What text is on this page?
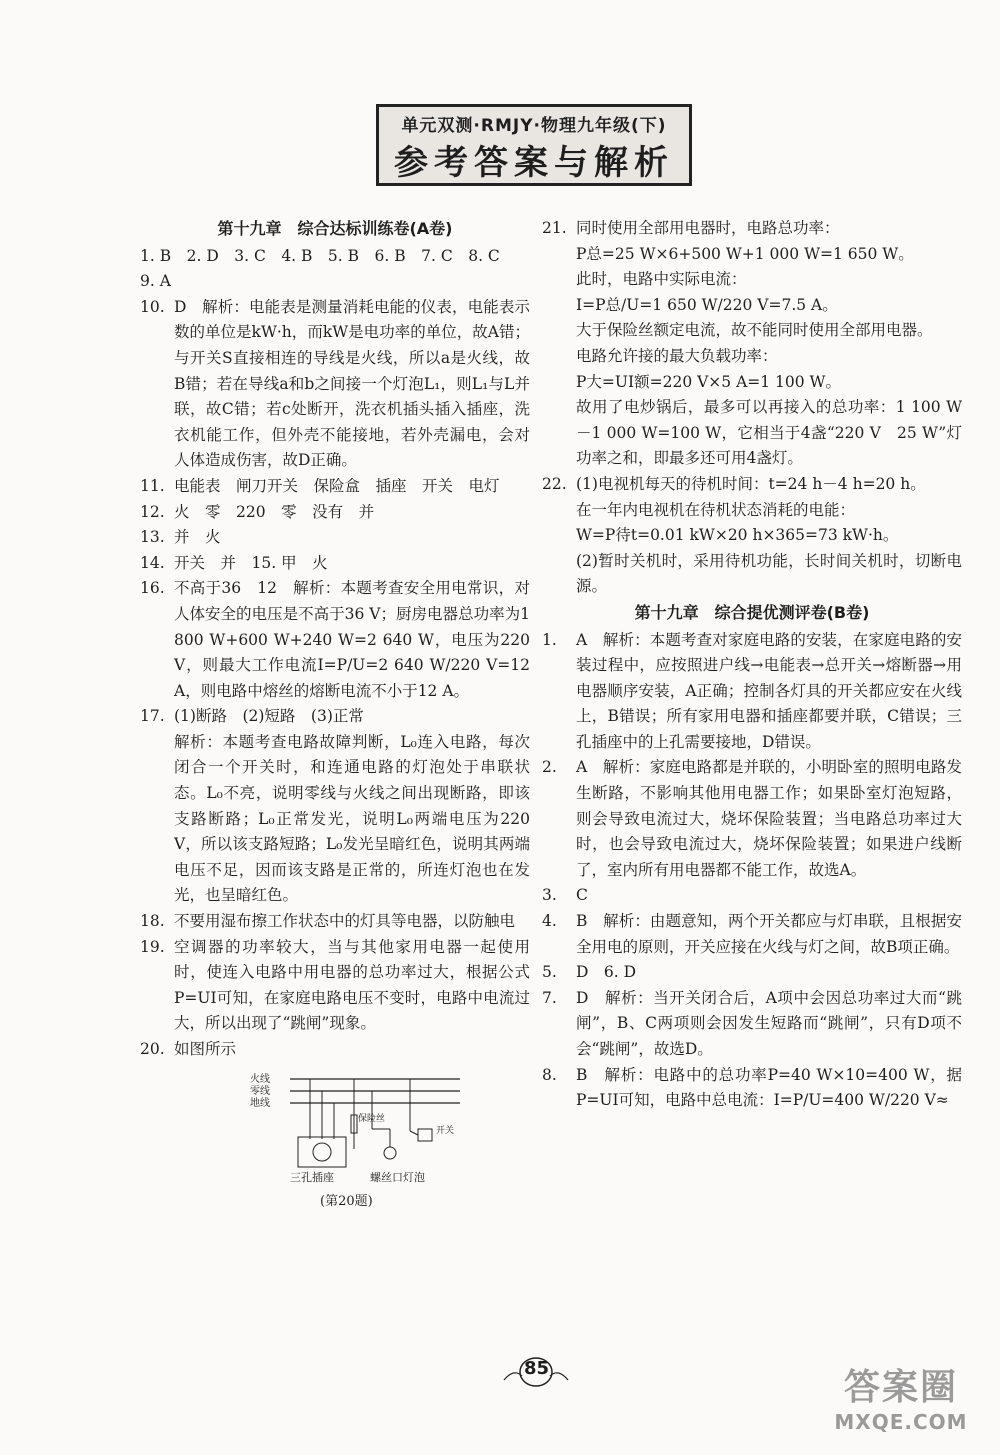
单元双测·RMJY·物理九年级(下)
参考答案与解析
第十九章　综合达标训练卷(A卷)
1. B　2. D　3. C　4. B　5. B　6. B　7. C　8. C
9. A
10. D　解析：电能表是测量消耗电能的仪表，电能表示数的单位是kW·h，而kW是电功率的单位，故A错；与开关S直接相连的导线是火线，所以a是火线，故B错；若在导线a和b之间接一个灯泡L₁，则L₁与L并联，故C错；若c处断开，洗衣机插头插入插座，洗衣机能工作，但外壳不能接地，若外壳漏电，会对人体造成伤害，故D正确。
11. 电能表　闸刀开关　保险盒　插座　开关　电灯
12. 火　零　220　零　没有　并
13. 并　火
14. 开关　并　15. 甲　火
16. 不高于36　12　解析：本题考查安全用电常识，对人体安全的电压是不高于36 V；厨房电器总功率为1 800 W+600 W+240 W=2 640 W，电压为220 V，则最大工作电流I=P/U=2 640 W/220 V=12 A，则电路中熔丝的熔断电流不小于12 A。
17. (1)断路　(2)短路　(3)正常
解析：本题考查电路故障判断，L₀连入电路，每次闭合一个开关时，和连通电路的灯泡处于串联状态。L₀不亮，说明零线与火线之间出现断路，即该支路断路；L₀正常发光，说明L₀两端电压为220 V，所以该支路短路；L₀发光呈暗红色，说明其两端电压不足，因而该支路是正常的，所连灯泡也在发光，也呈暗红色。
18. 不要用湿布擦工作状态中的灯具等电器，以防触电
19. 空调器的功率较大，当与其他家用电器一起使用时，使连入电路中用电器的总功率过大，根据公式P=UI可知，在家庭电路电压不变时，电路中电流过大，所以出现了“跳闸”现象。
20. 如图所示
三孔插座	螺丝口灯泡
火线
零线
地线
保险丝
开关
(第20题)
21. 同时使用全部用电器时，电路总功率：
P总=25 W×6+500 W+1 000 W=1 650 W。
此时，电路中实际电流：
I=P总/U=1 650 W/220 V=7.5 A。
大于保险丝额定电流，故不能同时使用全部用电器。
电路允许接的最大负载功率：
P大=UI额=220 V×5 A=1 100 W。
故用了电炒锅后，最多可以再接入的总功率：1 100 W－1 000 W=100 W，它相当于4盏“220 V　25 W”灯功率之和，即最多还可用4盏灯。
22. (1)电视机每天的待机时间：t=24 h－4 h=20 h。
在一年内电视机在待机状态消耗的电能：
W=P待t=0.01 kW×20 h×365=73 kW·h。
(2)暂时关机时，采用待机功能，长时间关机时，切断电源。
第十九章　综合提优测评卷(B卷)
1.	A　解析：本题考查对家庭电路的安装，在家庭电路的安装过程中，应按照进户线→电能表→总开关→熔断器→用电器顺序安装，A正确；控制各灯具的开关都应安在火线上，B错误；所有家用电器和插座都要并联，C错误；三孔插座中的上孔需要接地，D错误。
2.	A　解析：家庭电路都是并联的，小明卧室的照明电路发生断路，不影响其他用电器工作；如果卧室灯泡短路，则会导致电流过大，烧坏保险装置；当电路总功率过大时，也会导致电流过大，烧坏保险装置；如果进户线断了，室内所有用电器都不能工作，故选A。
3.	C
4.	B　解析：由题意知，两个开关都应与灯串联，且根据安全用电的原则，开关应接在火线与灯之间，故B项正确。
5.	D　6. D
7.	D　解析：当开关闭合后，A项中会因总功率过大而“跳闸”，B、C两项则会因发生短路而“跳闸”，只有D项不会“跳闸”，故选D。
8.	B　解析：电路中的总功率P=40 W×10=400 W，据P=UI可知，电路中总电流：I=P/U=400 W/220 V≈
85	答案圈
MXQE.COM
